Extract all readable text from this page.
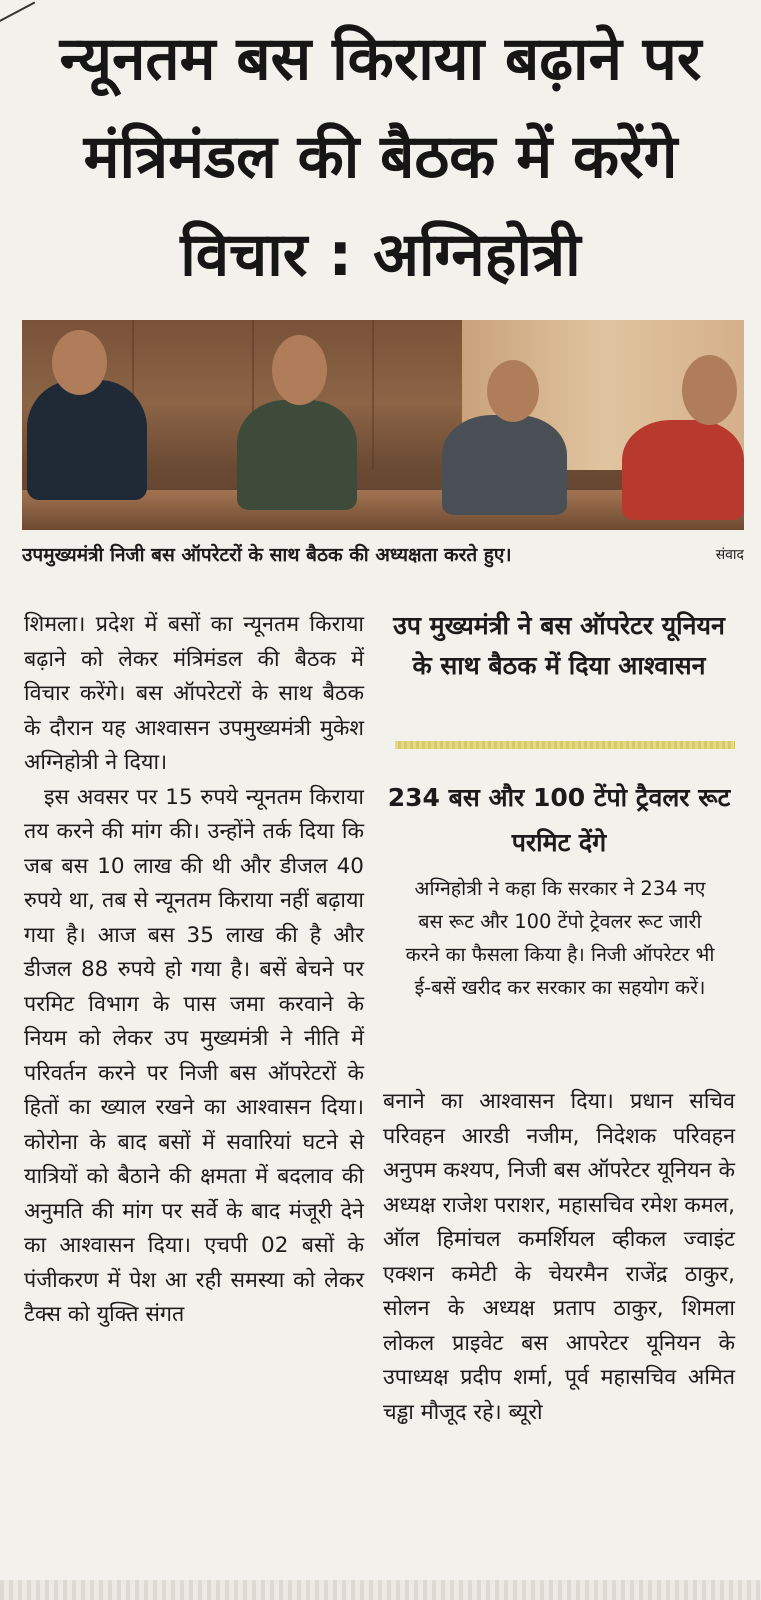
न्यूनतम बस किराया बढ़ाने पर मंत्रिमंडल की बैठक में करेंगे विचार : अग्निहोत्री
उपमुख्यमंत्री निजी बस ऑपरेटरों के साथ बैठक की अध्यक्षता करते हुए।	संवाद

शिमला। प्रदेश में बसों का न्यूनतम किराया बढ़ाने को लेकर मंत्रिमंडल की बैठक में विचार करेंगे। बस ऑपरेटरों के साथ बैठक के दौरान यह आश्वासन उपमुख्यमंत्री मुकेश अग्निहोत्री ने दिया।

इस अवसर पर 15 रुपये न्यूनतम किराया तय करने की मांग की। उन्होंने तर्क दिया कि जब बस 10 लाख की थी और डीजल 40 रुपये था, तब से न्यूनतम किराया नहीं बढ़ाया गया है। आज बस 35 लाख की है और डीजल 88 रुपये हो गया है। बसें बेचने पर परमिट विभाग के पास जमा करवाने के नियम को लेकर उप मुख्यमंत्री ने नीति में परिवर्तन करने पर निजी बस ऑपरेटरों के हितों का ख्याल रखने का आश्वासन दिया। कोरोना के बाद बसों में सवारियां घटने से यात्रियों को बैठाने की क्षमता में बदलाव की अनुमति की मांग पर सर्वे के बाद मंजूरी देने का आश्वासन दिया। एचपी 02 बसों के पंजीकरण में पेश आ रही समस्या को लेकर टैक्स को युक्ति संगत

उप मुख्यमंत्री ने बस ऑपरेटर यूनियन के साथ बैठक में दिया आश्वासन
234 बस और 100 टेंपो ट्रैवलर रूट परमिट देंगे
अग्निहोत्री ने कहा कि सरकार ने 234 नए बस रूट और 100 टेंपो ट्रेवलर रूट जारी करने का फैसला किया है। निजी ऑपरेटर भी ई-बसें खरीद कर सरकार का सहयोग करें।

बनाने का आश्वासन दिया। प्रधान सचिव परिवहन आरडी नजीम, निदेशक परिवहन अनुपम कश्यप, निजी बस ऑपरेटर यूनियन के अध्यक्ष राजेश पराशर, महासचिव रमेश कमल, ऑल हिमांचल कमर्शियल व्हीकल ज्वाइंट एक्शन कमेटी के चेयरमैन राजेंद्र ठाकुर, सोलन के अध्यक्ष प्रताप ठाकुर, शिमला लोकल प्राइवेट बस आपरेटर यूनियन के उपाध्यक्ष प्रदीप शर्मा, पूर्व महासचिव अमित चड्ढा मौजूद रहे। ब्यूरो
